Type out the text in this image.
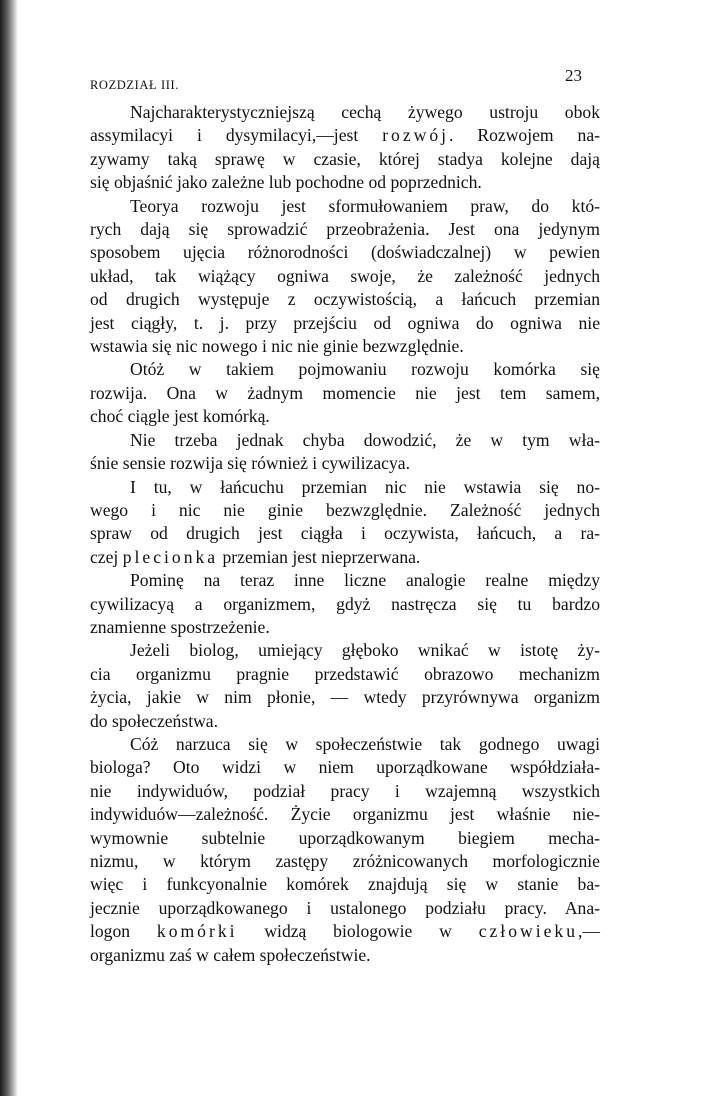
ROZDZIAŁ III.	23
Najcharakterystyczniejszą cechą żywego ustroju obok
assymilacyi i dysymilacyi,—jest rozwój. Rozwojem na-
zywamy taką sprawę w czasie, której stadya kolejne dają
się objaśnić jako zależne lub pochodne od poprzednich.
Teorya rozwoju jest sformułowaniem praw, do któ-
rych dają się sprowadzić przeobrażenia. Jest ona jedynym
sposobem ujęcia różnorodności (doświadczalnej) w pewien
układ, tak wiążący ogniwa swoje, że zależność jednych
od drugich występuje z oczywistością, a łańcuch przemian
jest ciągły, t. j. przy przejściu od ogniwa do ogniwa nie
wstawia się nic nowego i nic nie ginie bezwzględnie.
Otóż w takiem pojmowaniu rozwoju komórka się
rozwija. Ona w żadnym momencie nie jest tem samem,
choć ciągle jest komórką.
Nie trzeba jednak chyba dowodzić, że w tym wła-
śnie sensie rozwija się również i cywilizacya.
I tu, w łańcuchu przemian nic nie wstawia się no-
wego i nic nie ginie bezwzględnie. Zależność jednych
spraw od drugich jest ciągła i oczywista, łańcuch, a ra-
czej plecionka przemian jest nieprzerwana.
Pominę na teraz inne liczne analogie realne między
cywilizacyą a organizmem, gdyż nastręcza się tu bardzo
znamienne spostrzeżenie.
Jeżeli biolog, umiejący głęboko wnikać w istotę ży-
cia organizmu pragnie przedstawić obrazowo mechanizm
życia, jakie w nim płonie, — wtedy przyrównywa organizm
do społeczeństwa.
Cóż narzuca się w społeczeństwie tak godnego uwagi
biologa? Oto widzi w niem uporządkowane współdziała-
nie indywiduów, podział pracy i wzajemną wszystkich
indywiduów—zależność. Życie organizmu jest właśnie nie-
wymownie subtelnie uporządkowanym biegiem mecha-
nizmu, w którym zastępy zróżnicowanych morfologicznie
więc i funkcyonalnie komórek znajdują się w stanie ba-
jecznie uporządkowanego i ustalonego podziału pracy. Ana-
logon komórki widzą biologowie w człowieku,—
organizmu zaś w całem społeczeństwie.
